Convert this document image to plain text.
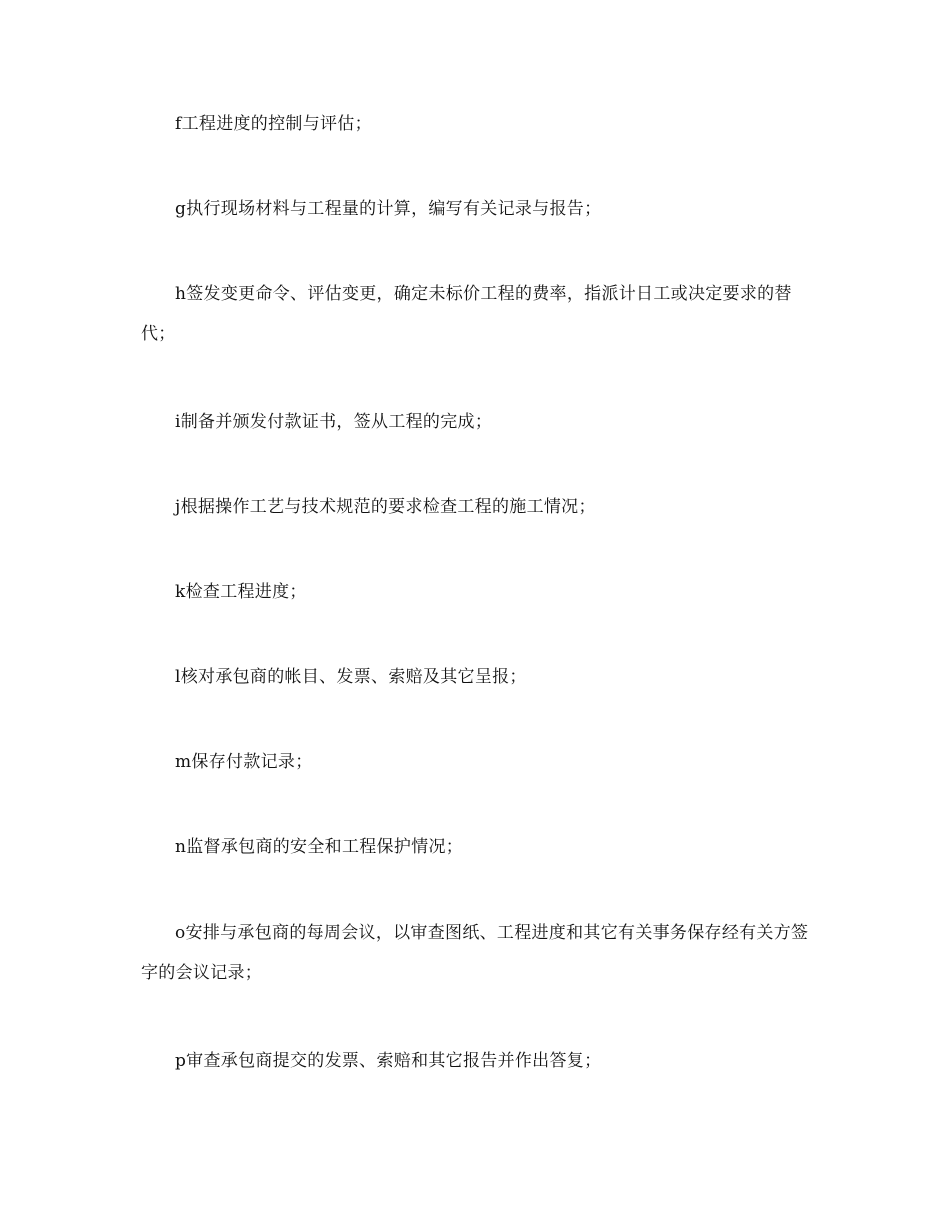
f工程进度的控制与评估；

g执行现场材料与工程量的计算，编写有关记录与报告；

h签发变更命令、评估变更，确定未标价工程的费率，指派计日工或决定要求的替代；

i制备并颁发付款证书，签从工程的完成；

j根据操作工艺与技术规范的要求检查工程的施工情况；

k检查工程进度；

l核对承包商的帐目、发票、索赔及其它呈报；

m保存付款记录；

n监督承包商的安全和工程保护情况；

o安排与承包商的每周会议，以审查图纸、工程进度和其它有关事务保存经有关方签字的会议记录；

p审查承包商提交的发票、索赔和其它报告并作出答复；
